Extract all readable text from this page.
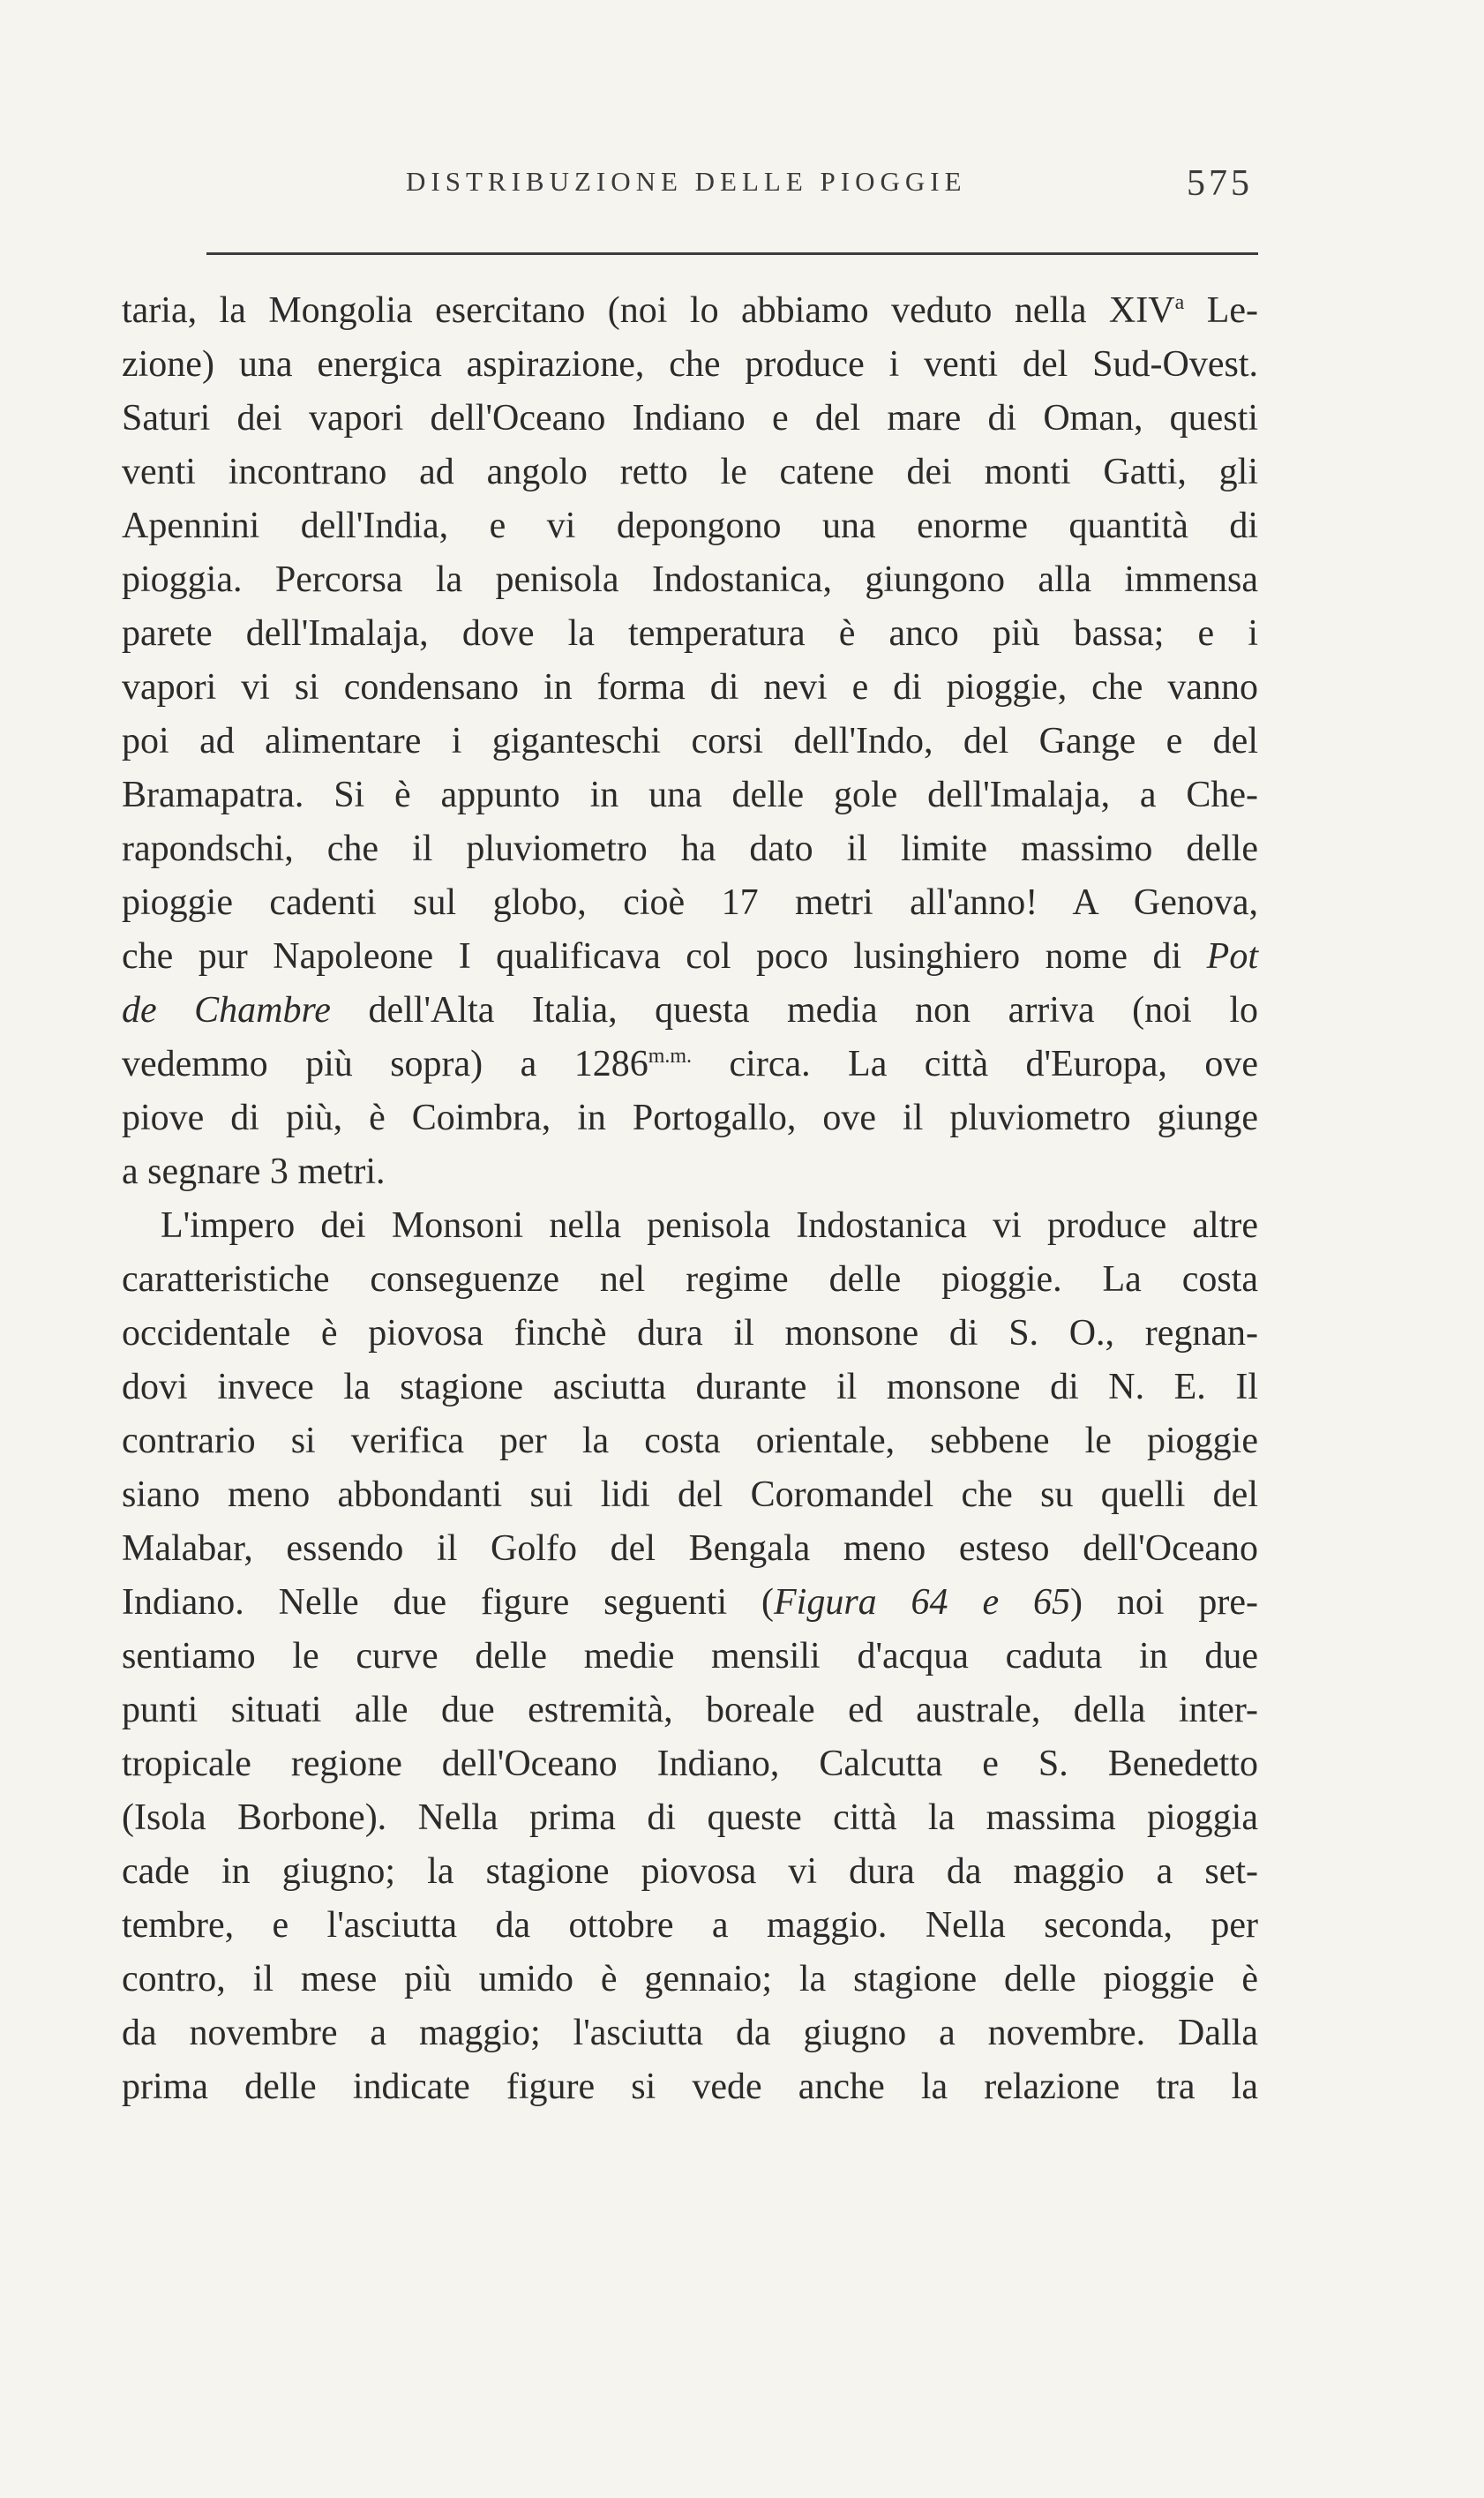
DISTRIBUZIONE DELLE PIOGGIE	575
taria, la Mongolia esercitano (noi lo abbiamo veduto nella XIV$^a$ Le-
zione) una energica aspirazione, che produce i venti del Sud-Ovest.
Saturi dei vapori dell'Oceano Indiano e del mare di Oman, questi
venti incontrano ad angolo retto le catene dei monti Gatti, gli
Apennini dell'India, e vi depongono una enorme quantità di
pioggia. Percorsa la penisola Indostanica, giungono alla immensa
parete dell'Imalaja, dove la temperatura è anco più bassa; e i
vapori vi si condensano in forma di nevi e di pioggie, che vanno
poi ad alimentare i giganteschi corsi dell'Indo, del Gange e del
Bramapatra. Si è appunto in una delle gole dell'Imalaja, a Che-
rapondschi, che il pluviometro ha dato il limite massimo delle
pioggie cadenti sul globo, cioè 17 metri all'anno! A Genova,
che pur Napoleone I qualificava col poco lusinghiero nome di Pot
de Chambre dell'Alta Italia, questa media non arriva (noi lo
vedemmo più sopra) a $1286^{m.m.}$ circa. La città d'Europa, ove
piove di più, è Coimbra, in Portogallo, ove il pluviometro giunge
a segnare 3 metri.
L'impero dei Monsoni nella penisola Indostanica vi produce altre
caratteristiche conseguenze nel regime delle pioggie. La costa
occidentale è piovosa finchè dura il monsone di S. O., regnan-
dovi invece la stagione asciutta durante il monsone di N. E. Il
contrario si verifica per la costa orientale, sebbene le pioggie
siano meno abbondanti sui lidi del Coromandel che su quelli del
Malabar, essendo il Golfo del Bengala meno esteso dell'Oceano
Indiano. Nelle due figure seguenti (Figura 64 e 65) noi pre-
sentiamo le curve delle medie mensili d'acqua caduta in due
punti situati alle due estremità, boreale ed australe, della inter-
tropicale regione dell'Oceano Indiano, Calcutta e S. Benedetto
(Isola Borbone). Nella prima di queste città la massima pioggia
cade in giugno; la stagione piovosa vi dura da maggio a set-
tembre, e l'asciutta da ottobre a maggio. Nella seconda, per
contro, il mese più umido è gennaio; la stagione delle pioggie è
da novembre a maggio; l'asciutta da giugno a novembre. Dalla
prima delle indicate figure si vede anche la relazione tra la
